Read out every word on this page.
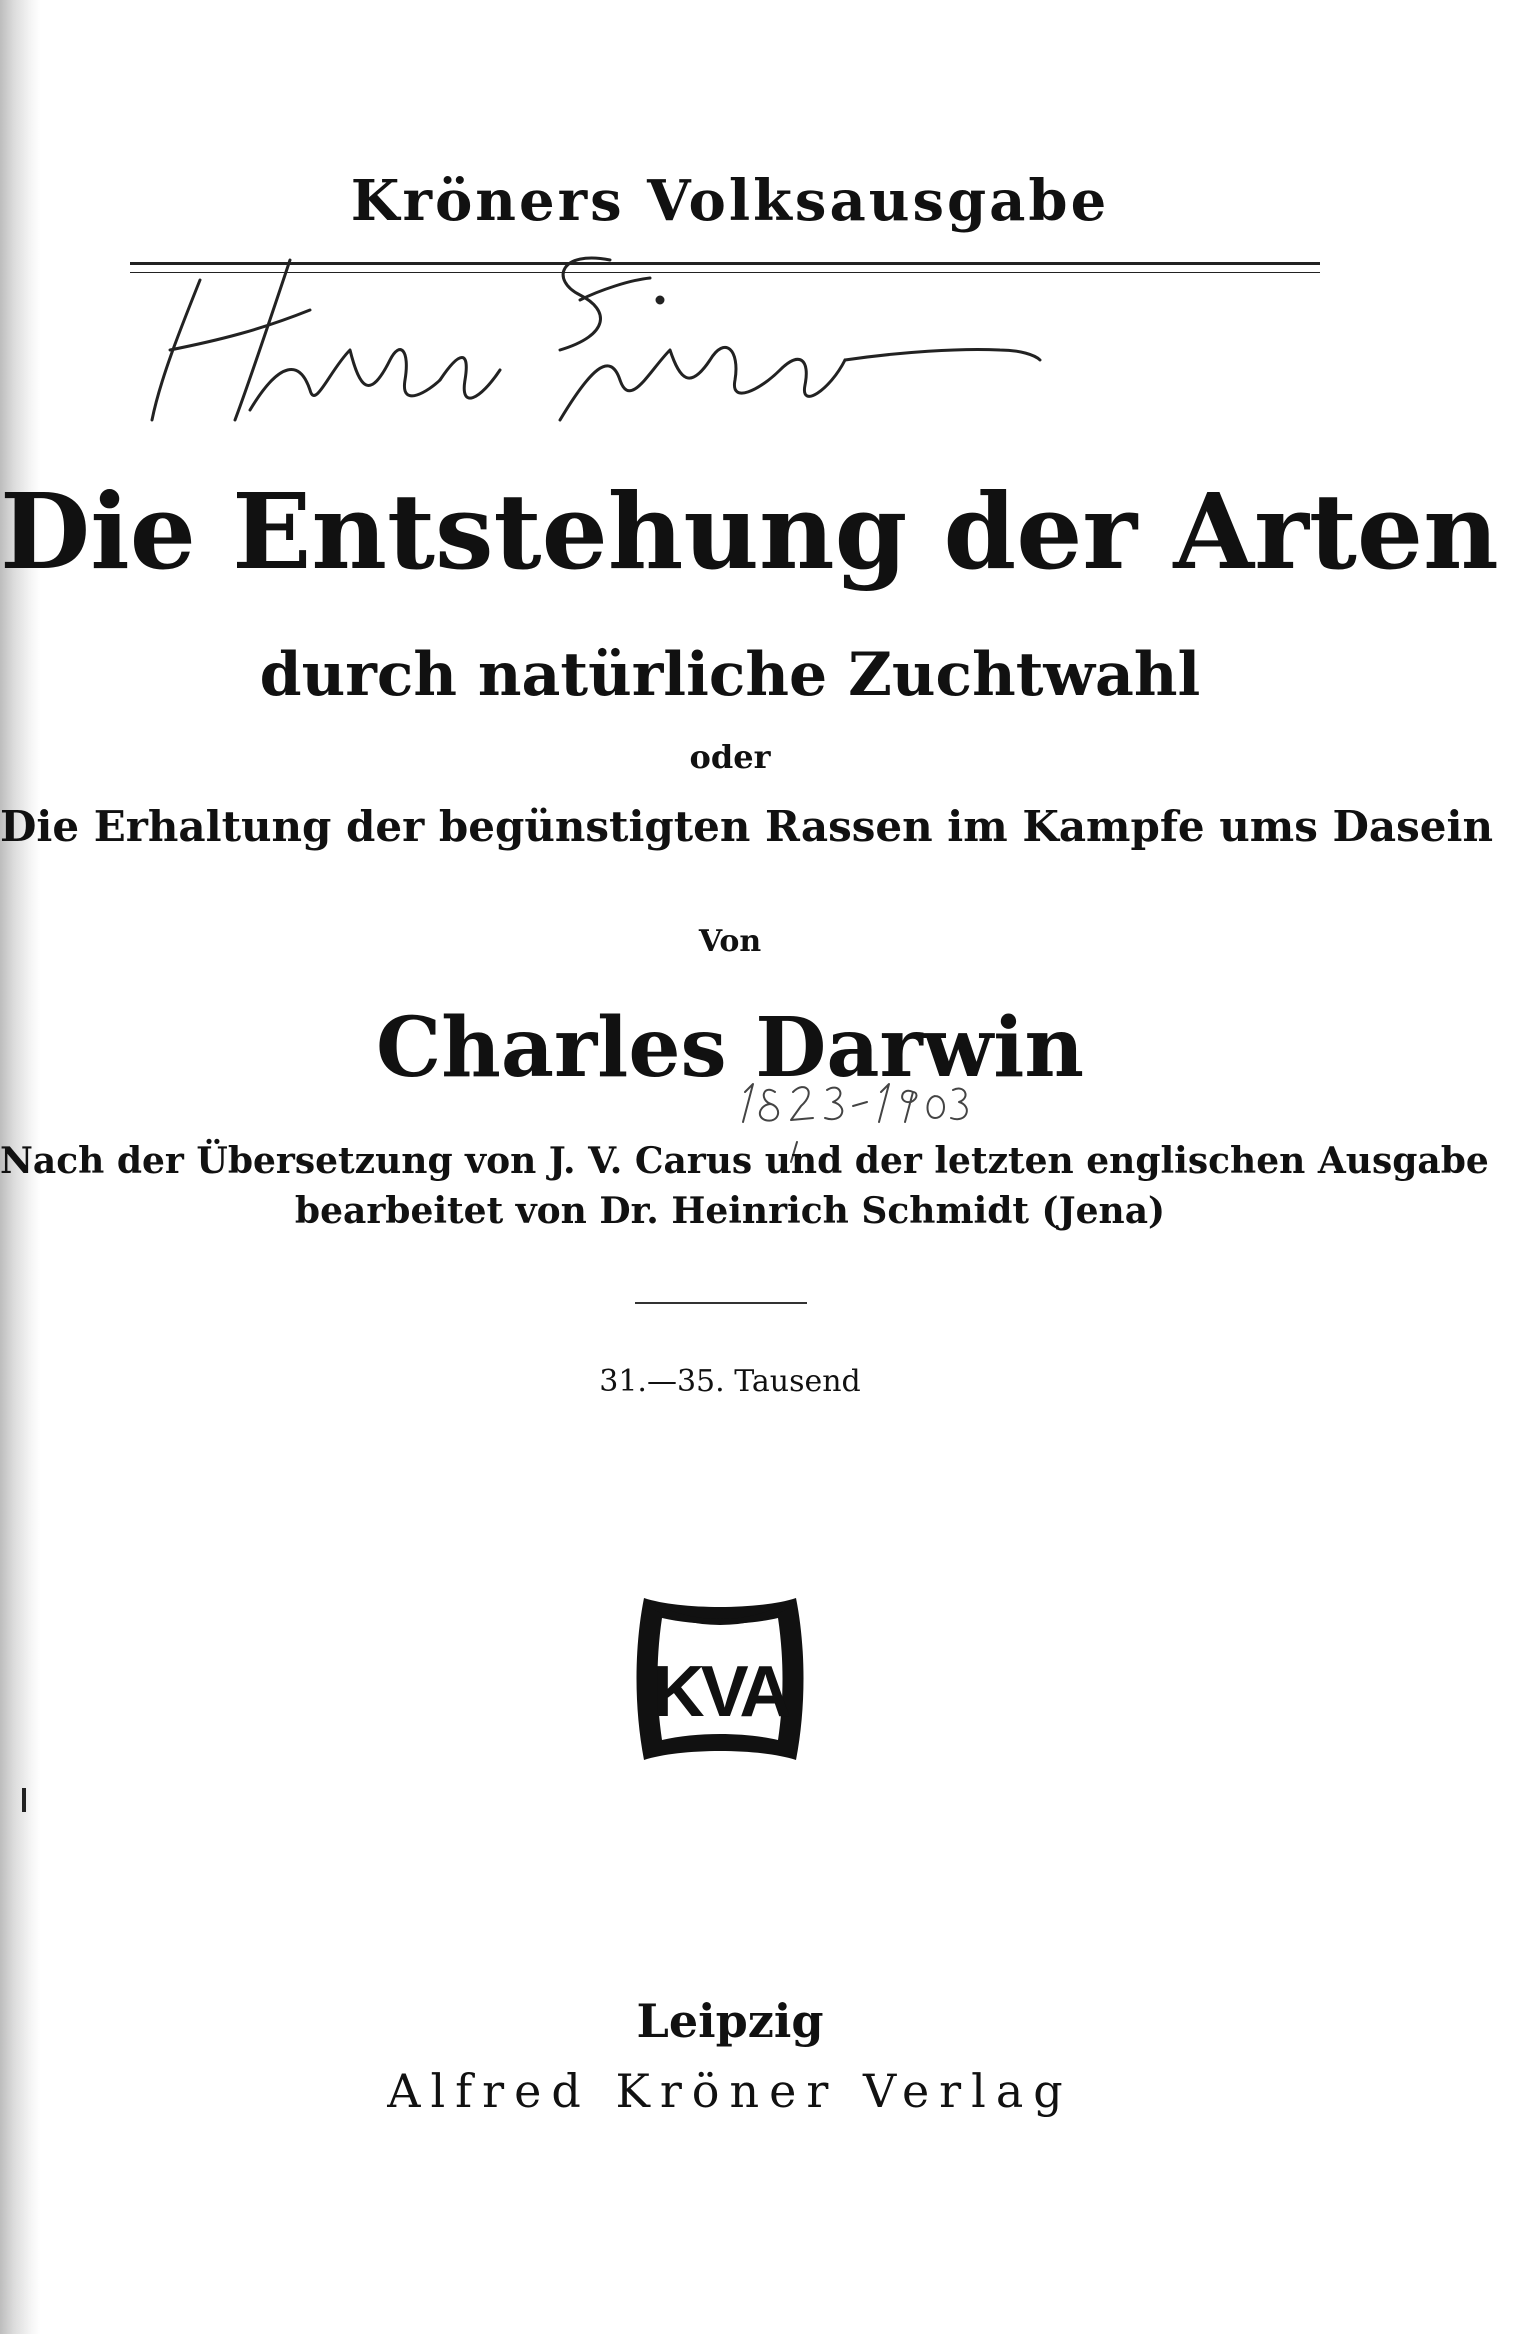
Kröners Volksausgabe
Die Entstehung der Arten
durch natürliche Zuchtwahl
oder
Die Erhaltung der begünstigten Rassen im Kampfe ums Dasein
Von
Charles Darwin
Nach der Übersetzung von J. V. Carus und der letzten englischen Ausgabe
bearbeitet von Dr. Heinrich Schmidt (Jena)
31.—35. Tausend
KVA
Leipzig
Alfred Kröner Verlag
